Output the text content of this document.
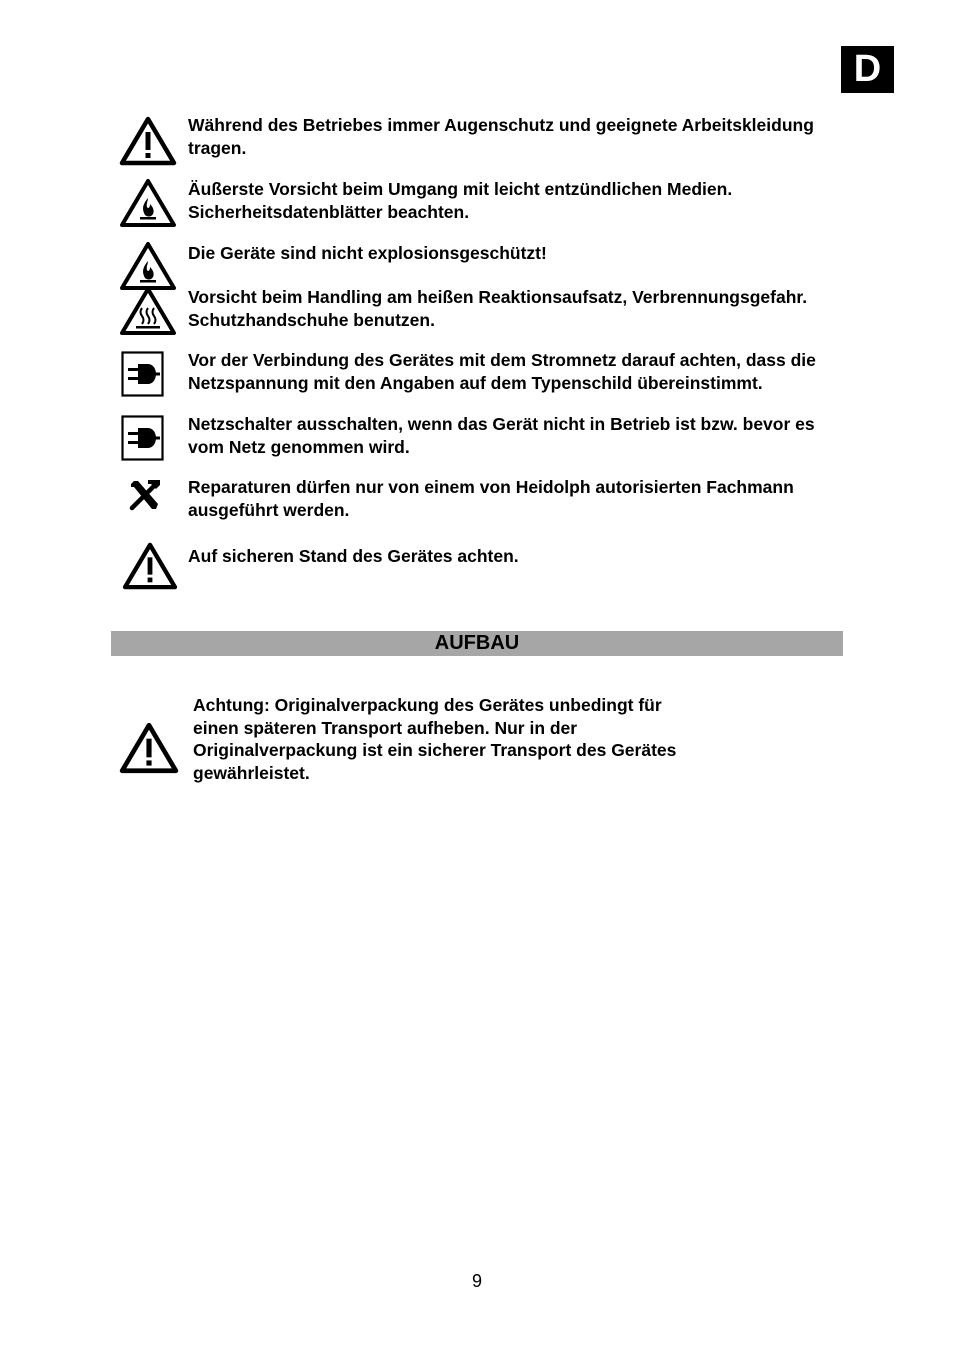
D
Während des Betriebes immer Augenschutz und geeignete Arbeitskleidung
tragen.
Äußerste Vorsicht beim Umgang mit leicht entzündlichen Medien.
Sicherheitsdatenblätter beachten.
Die Geräte sind nicht explosionsgeschützt!
Vorsicht beim Handling am heißen Reaktionsaufsatz, Verbrennungsgefahr.
Schutzhandschuhe benutzen.
Vor der Verbindung des Gerätes mit dem Stromnetz darauf achten, dass die
Netzspannung mit den Angaben auf dem Typenschild übereinstimmt.
Netzschalter ausschalten, wenn das Gerät nicht in Betrieb ist bzw. bevor es
vom Netz genommen wird.
Reparaturen dürfen nur von einem von Heidolph autorisierten Fachmann
ausgeführt werden.
Auf sicheren Stand des Gerätes achten.
AUFBAU
Achtung: Originalverpackung des Gerätes unbedingt für
einen späteren Transport aufheben. Nur in der
Originalverpackung ist ein sicherer Transport des Gerätes
gewährleistet.
9
